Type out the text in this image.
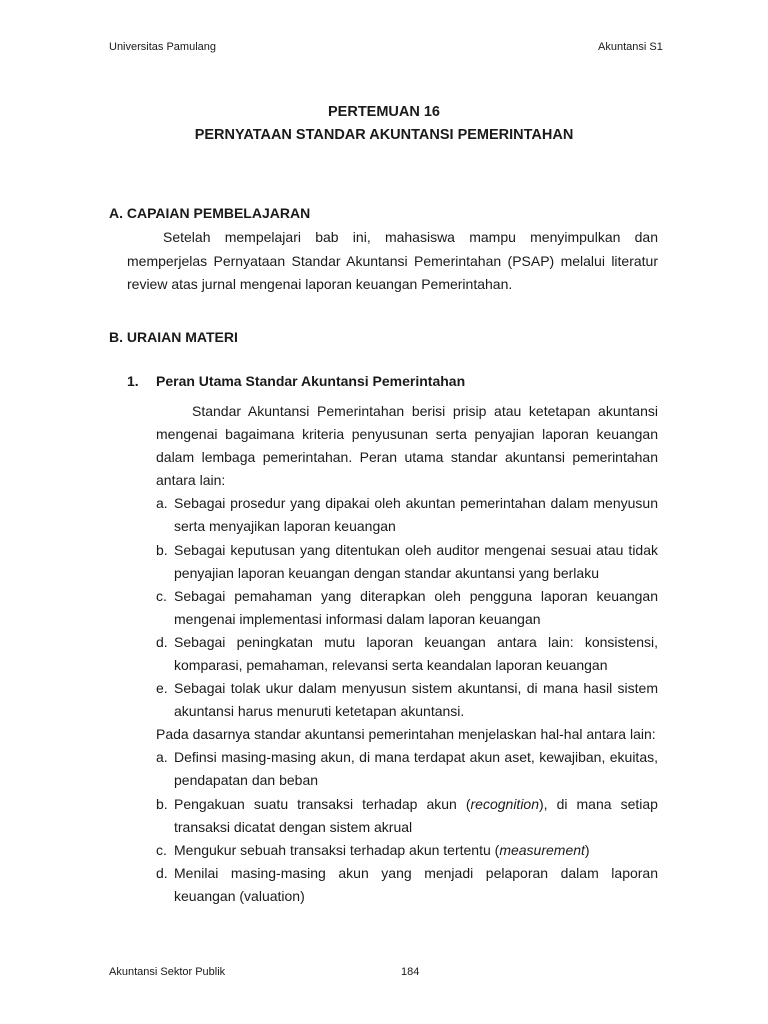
Universitas Pamulang	Akuntansi S1
PERTEMUAN 16
PERNYATAAN STANDAR AKUNTANSI PEMERINTAHAN
A. CAPAIAN PEMBELAJARAN
Setelah mempelajari bab ini, mahasiswa mampu menyimpulkan dan
memperjelas Pernyataan Standar Akuntansi Pemerintahan (PSAP) melalui literatur
review atas jurnal mengenai laporan keuangan Pemerintahan.
B. URAIAN MATERI
1. Peran Utama Standar Akuntansi Pemerintahan
Standar Akuntansi Pemerintahan berisi prisip atau ketetapan akuntansi
mengenai bagaimana kriteria penyusunan serta penyajian laporan keuangan
dalam lembaga pemerintahan. Peran utama standar akuntansi pemerintahan
antara lain:
a. Sebagai prosedur yang dipakai oleh akuntan pemerintahan dalam menyusun
serta menyajikan laporan keuangan
b. Sebagai keputusan yang ditentukan oleh auditor mengenai sesuai atau tidak
penyajian laporan keuangan dengan standar akuntansi yang berlaku
c. Sebagai pemahaman yang diterapkan oleh pengguna laporan keuangan
mengenai implementasi informasi dalam laporan keuangan
d. Sebagai peningkatan mutu laporan keuangan antara lain: konsistensi,
komparasi, pemahaman, relevansi serta keandalan laporan keuangan
e. Sebagai tolak ukur dalam menyusun sistem akuntansi, di mana hasil sistem
akuntansi harus menuruti ketetapan akuntansi.
Pada dasarnya standar akuntansi pemerintahan menjelaskan hal-hal antara lain:
a. Definsi masing-masing akun, di mana terdapat akun aset, kewajiban, ekuitas,
pendapatan dan beban
b. Pengakuan suatu transaksi terhadap akun (recognition), di mana setiap
transaksi dicatat dengan sistem akrual
c. Mengukur sebuah transaksi terhadap akun tertentu (measurement)
d. Menilai masing-masing akun yang menjadi pelaporan dalam laporan
keuangan (valuation)
Akuntansi Sektor Publik	184
